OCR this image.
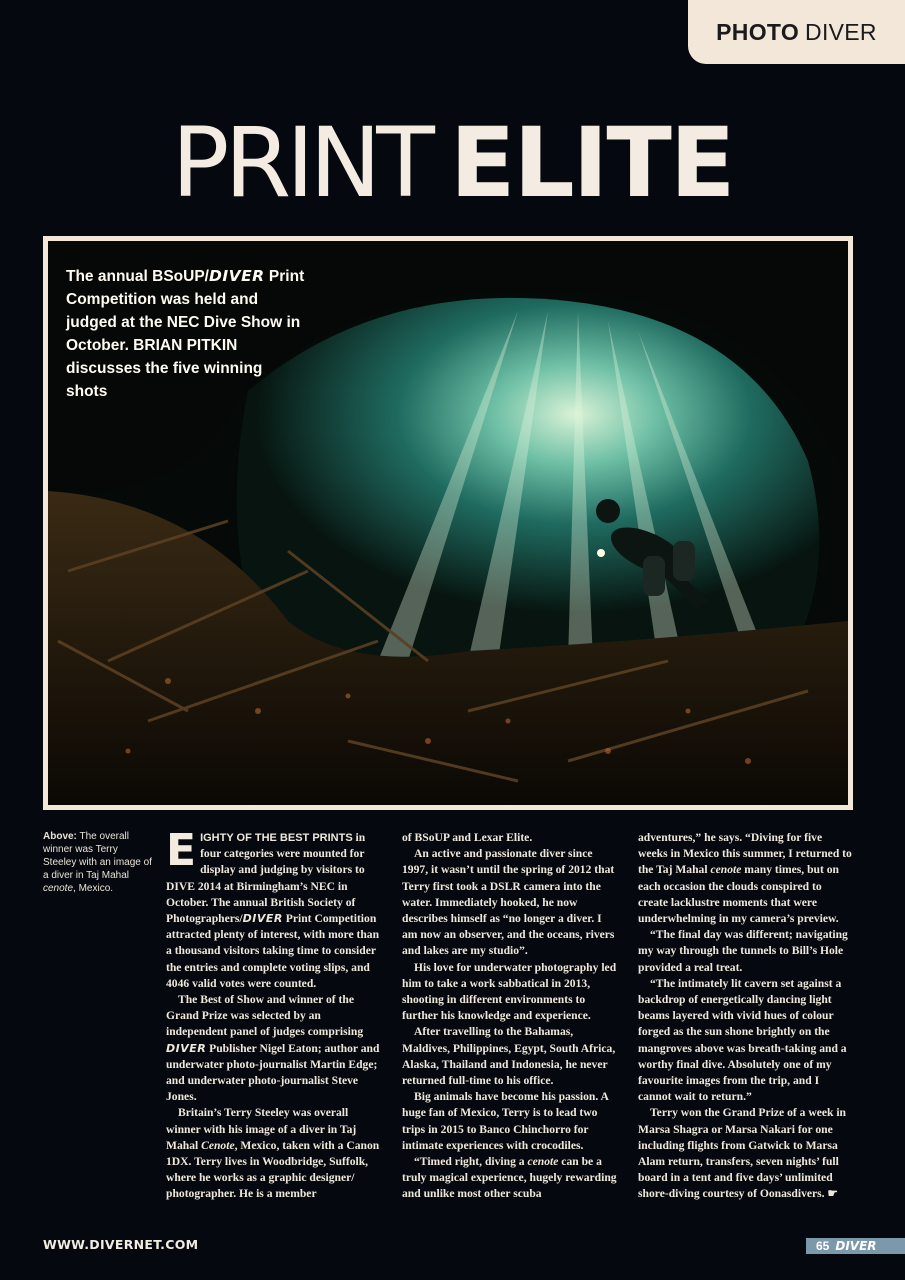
PHOTO DIVER
PRINT ELITE
The annual BSoUP/DIVER Print Competition was held and judged at the NEC Dive Show in October. BRIAN PITKIN discusses the five winning shots
Above: The overall winner was Terry Steeley with an image of a diver in Taj Mahal cenote, Mexico.

EIGHTY OF THE BEST PRINTS in four categories were mounted for display and judging by visitors to DIVE 2014 at Birmingham’s NEC in October. The annual British Society of Photographers/DIVER Print Competition attracted plenty of interest, with more than a thousand visitors taking time to consider the entries and complete voting slips, and 4046 valid votes were counted.

The Best of Show and winner of the Grand Prize was selected by an independent panel of judges comprising DIVER Publisher Nigel Eaton; author and underwater photo-journalist Martin Edge; and underwater photo-journalist Steve Jones.

Britain’s Terry Steeley was overall winner with his image of a diver in Taj Mahal Cenote, Mexico, taken with a Canon 1DX. Terry lives in Woodbridge, Suffolk, where he works as a graphic designer/ photographer. He is a member

of BSoUP and Lexar Elite.

An active and passionate diver since 1997, it wasn’t until the spring of 2012 that Terry first took a DSLR camera into the water. Immediately hooked, he now describes himself as “no longer a diver. I am now an observer, and the oceans, rivers and lakes are my studio”.

His love for underwater photography led him to take a work sabbatical in 2013, shooting in different environments to further his knowledge and experience.

After travelling to the Bahamas, Maldives, Philippines, Egypt, South Africa, Alaska, Thailand and Indonesia, he never returned full-time to his office.

Big animals have become his passion. A huge fan of Mexico, Terry is to lead two trips in 2015 to Banco Chinchorro for intimate experiences with crocodiles.

“Timed right, diving a cenote can be a truly magical experience, hugely rewarding and unlike most other scuba

adventures,” he says. “Diving for five weeks in Mexico this summer, I returned to the Taj Mahal cenote many times, but on each occasion the clouds conspired to create lacklustre moments that were underwhelming in my camera’s preview.

“The final day was different; navigating my way through the tunnels to Bill’s Hole provided a real treat.

“The intimately lit cavern set against a backdrop of energetically dancing light beams layered with vivid hues of colour forged as the sun shone brightly on the mangroves above was breath-taking and a worthy final dive. Absolutely one of my favourite images from the trip, and I cannot wait to return.”

Terry won the Grand Prize of a week in Marsa Shagra or Marsa Nakari for one including flights from Gatwick to Marsa Alam return, transfers, seven nights’ full board in a tent and five days’ unlimited shore-diving courtesy of Oonasdivers. ☛

WWW.DIVERNET.COM	65 DIVER
